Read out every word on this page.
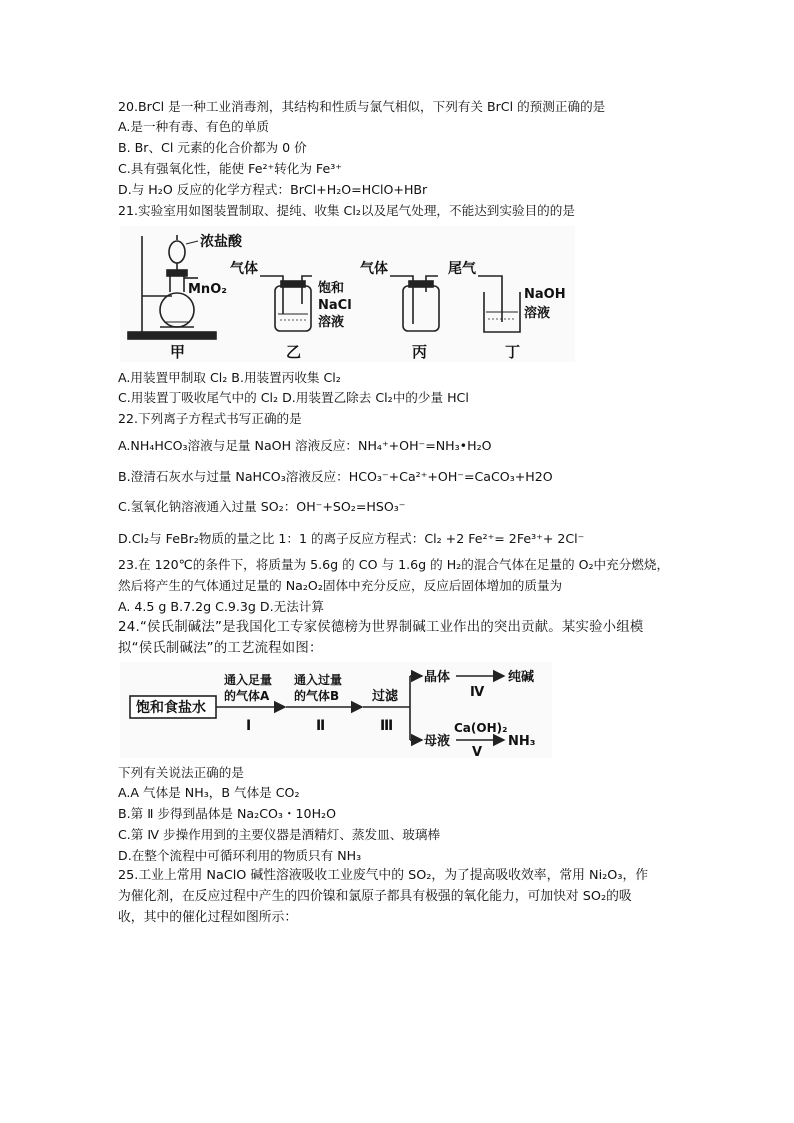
20.BrCl 是一种工业消毒剂，其结构和性质与氯气相似，下列有关 BrCl 的预测正确的是
A.是一种有毒、有色的单质
B. Br、Cl 元素的化合价都为 0 价
C.具有强氧化性，能使 Fe²⁺转化为 Fe³⁺
D.与 H₂O 反应的化学方程式：BrCl+H₂O=HClO+HBr
21.实验室用如图装置制取、提纯、收集 Cl₂以及尾气处理，不能达到实验目的的是
浓盐酸
MnO₂
甲
气体
饱和
NaCl
溶液
乙
气体
丙
尾气
NaOH
溶液
丁
A.用装置甲制取 Cl₂ B.用装置丙收集 Cl₂
C.用装置丁吸收尾气中的 Cl₂ D.用装置乙除去 Cl₂中的少量 HCl
22.下列离子方程式书写正确的是
A.NH₄HCO₃溶液与足量 NaOH 溶液反应：NH₄⁺+OH⁻=NH₃•H₂O
B.澄清石灰水与过量 NaHCO₃溶液反应：HCO₃⁻+Ca²⁺+OH⁻=CaCO₃+H2O
C.氢氧化钠溶液通入过量 SO₂：OH⁻+SO₂=HSO₃⁻
D.Cl₂与 FeBr₂物质的量之比 1：1 的离子反应方程式：Cl₂ +2 Fe²⁺= 2Fe³⁺+ 2Cl⁻
23.在 120℃的条件下，将质量为 5.6g 的 CO 与 1.6g 的 H₂的混合气体在足量的 O₂中充分燃烧，
然后将产生的气体通过足量的 Na₂O₂固体中充分反应，反应后固体增加的质量为
A. 4.5 g B.7.2g C.9.3g D.无法计算
24.“侯氏制碱法”是我国化工专家侯德榜为世界制碱工业作出的突出贡献。某实验小组模
拟“侯氏制碱法”的工艺流程如图：
饱和食盐水
通入足量
的气体A
Ⅰ
通入过量
的气体B
Ⅱ
过滤
Ⅲ
晶体
Ⅳ
纯碱
母液
Ca(OH)₂
Ⅴ
NH₃
下列有关说法正确的是
A.A 气体是 NH₃，B 气体是 CO₂
B.第 Ⅱ 步得到晶体是 Na₂CO₃・10H₂O
C.第 Ⅳ 步操作用到的主要仪器是酒精灯、蒸发皿、玻璃棒
D.在整个流程中可循环利用的物质只有 NH₃
25.工业上常用 NaClO 碱性溶液吸收工业废气中的 SO₂，为了提高吸收效率，常用 Ni₂O₃，作
为催化剂，在反应过程中产生的四价镍和氯原子都具有极强的氧化能力，可加快对 SO₂的吸
收，其中的催化过程如图所示：
